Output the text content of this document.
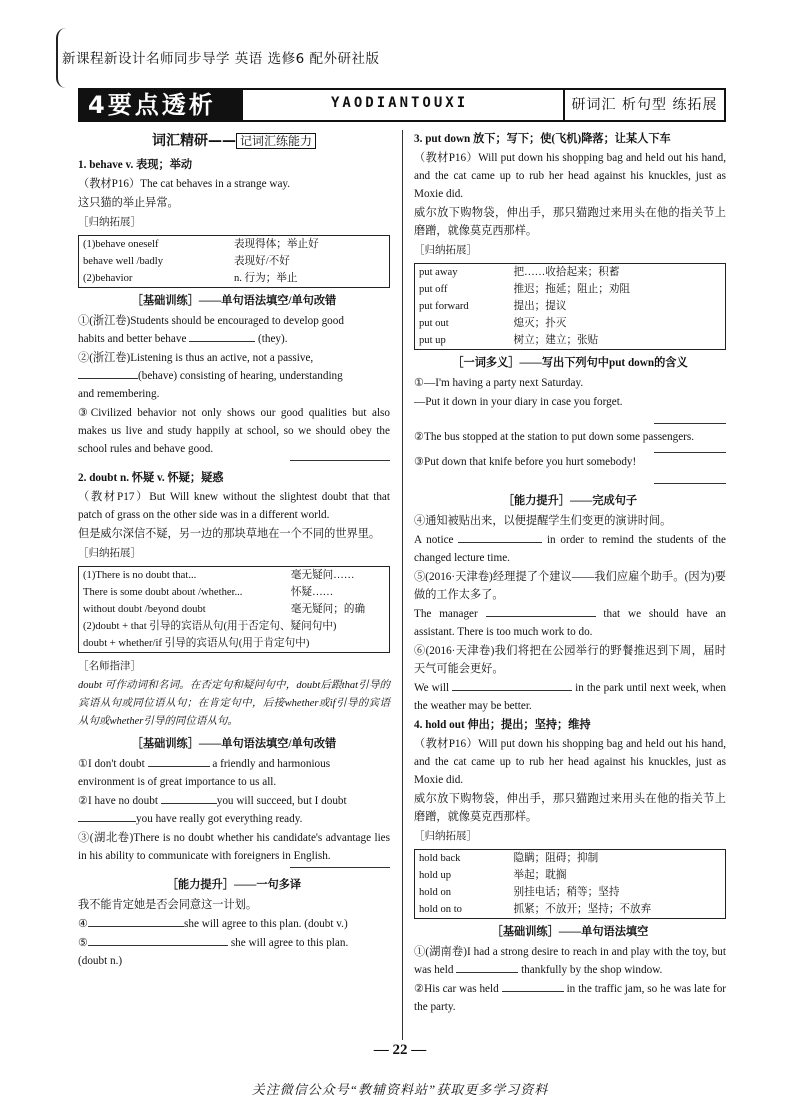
新课程新设计名师同步导学 英语 选修6 配外研社版
4要点透析	YAODIANTOUXI	研词汇 析句型 练拓展
词汇精研—— 记词汇练能力

1. behave v. 表现；举动

（教材P16）The cat behaves in a strange way.

这只猫的举止异常。

［归纳拓展］
(1)behave oneself	表现得体；举止好
behave well /badly	表现好/不好
(2)behavior	n. 行为；举止
［基础训练］——单句语法填空/单句改错

①(浙江卷)Students should be encouraged to develop good
habits and better behave	(they).

②(浙江卷)Listening is thus an active, not a passive,
(behave) consisting of hearing, understanding
and remembering.

③Civilized behavior not only shows our good qualities but also makes us live and study happily at school, so we should obey the school rules and behave good.

2. doubt n. 怀疑 v. 怀疑；疑惑

（教材P17）But Will knew without the slightest doubt that that patch of grass on the other side was in a different world.

但是威尔深信不疑，另一边的那块草地在一个不同的世界里。

［归纳拓展］
(1)There is no doubt that...	毫无疑问……
There is some doubt about /whether...	怀疑……
without doubt /beyond doubt	毫无疑问；的确
(2)doubt + that 引导的宾语从句(用于否定句、疑问句中)	
doubt + whether/if 引导的宾语从句(用于肯定句中)	
［名师指津］

doubt 可作动词和名词。在否定句和疑问句中，doubt后跟that引导的宾语从句或同位语从句；在肯定句中，后接whether或if引导的宾语从句或whether引导的同位语从句。

［基础训练］——单句语法填空/单句改错

①I don't doubt	a friendly and harmonious
environment is of great importance to us all.

②I have no doubt	you will succeed, but I doubt
you have really got everything ready.

③(湖北卷)There is no doubt whether his candidate's advantage lies in his ability to communicate with foreigners in English.

［能力提升］——一句多译

我不能肯定她是否会同意这一计划。

④	she will agree to this plan. (doubt v.)

⑤	she will agree to this plan.
(doubt n.)

3. put down 放下；写下；使(飞机)降落；让某人下车

（教材P16）Will put down his shopping bag and held out his hand, and the cat came up to rub her head against his knuckles, just as Moxie did.

威尔放下购物袋，伸出手，那只猫跑过来用头在他的指关节上磨蹭，就像莫克西那样。

［归纳拓展］
put away	把……收拾起来；积蓄
put off	推迟；拖延；阻止；劝阻
put forward	提出；提议
put out	熄灭；扑灭
put up	树立；建立；张贴
［一词多义］——写出下列句中put down的含义

①—I'm having a party next Saturday.

—Put it down in your diary in case you forget.

②The bus stopped at the station to put down some passengers.

③Put down that knife before you hurt somebody!

［能力提升］——完成句子

④通知被贴出来，以便提醒学生们变更的演讲时间。

A notice	in order to remind the students of the changed lecture time.

⑤(2016·天津卷)经理提了个建议——我们应雇个助手。(因为)要做的工作太多了。

The manager	that we should have an assistant. There is too much work to do.

⑥(2016·天津卷)我们将把在公园举行的野餐推迟到下周，届时天气可能会更好。

We will	in the park until next week, when the weather may be better.

4. hold out 伸出；提出；坚持；维持

（教材P16）Will put down his shopping bag and held out his hand, and the cat came up to rub her head against his knuckles, just as Moxie did.

威尔放下购物袋，伸出手，那只猫跑过来用头在他的指关节上磨蹭，就像莫克西那样。

［归纳拓展］
hold back	隐瞒；阻碍；抑制
hold up	举起；耽搁
hold on	别挂电话；稍等；坚持
hold on to	抓紧；不放开；坚持；不放弃
［基础训练］——单句语法填空

①(湖南卷)I had a strong desire to reach in and play with the toy, but was held	thankfully by the shop window.

②His car was held	in the traffic jam, so he was late for the party.

— 22 —
关注微信公众号“教辅资料站”获取更多学习资料
